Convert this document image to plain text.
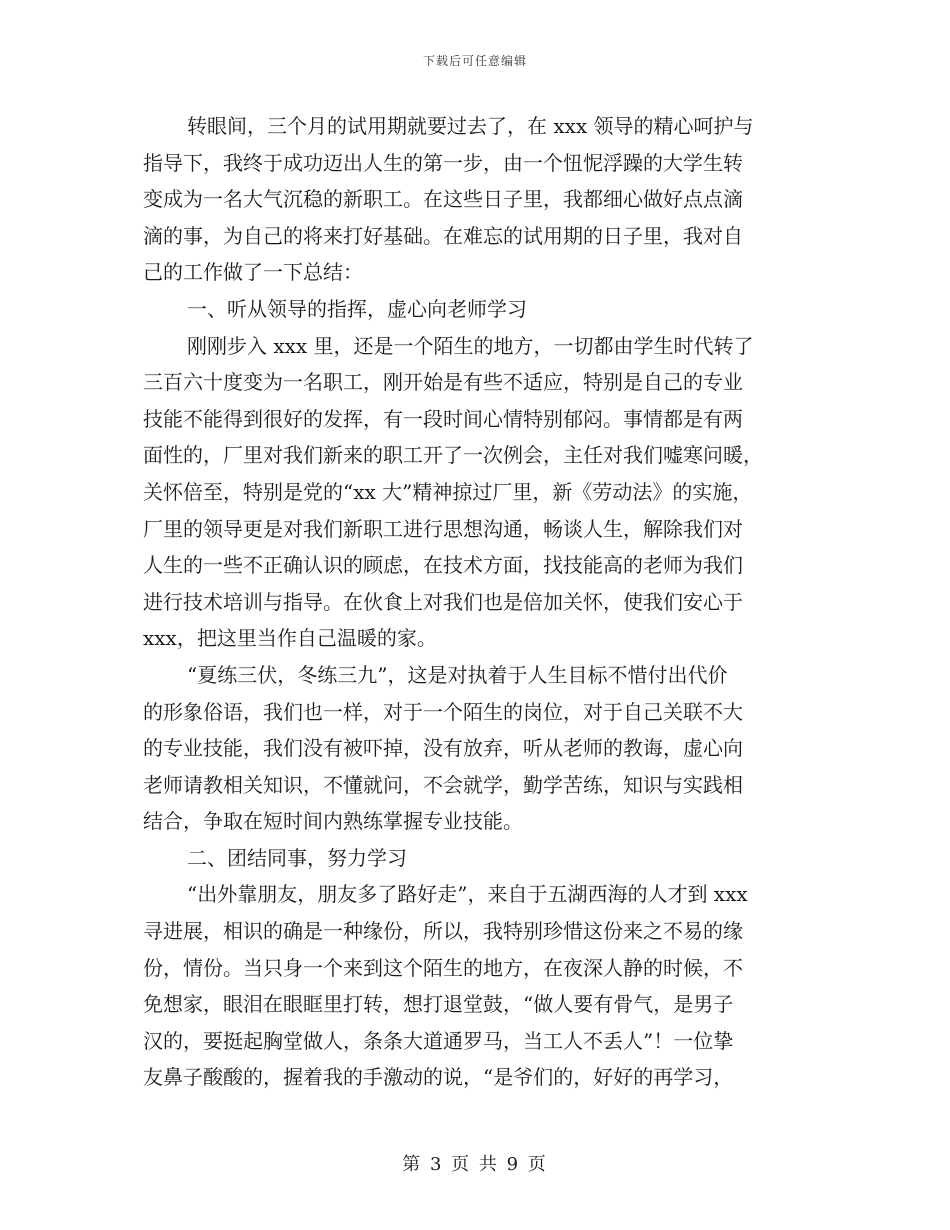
下载后可任意编辑
转眼间，三个月的试用期就要过去了，在 xxx 领导的精心呵护与
指导下，我终于成功迈出人生的第一步，由一个忸怩浮躁的大学生转
变成为一名大气沉稳的新职工。在这些日子里，我都细心做好点点滴
滴的事，为自己的将来打好基础。在难忘的试用期的日子里，我对自
己的工作做了一下总结：
一、听从领导的指挥，虚心向老师学习
刚刚步入 xxx 里，还是一个陌生的地方，一切都由学生时代转了
三百六十度变为一名职工，刚开始是有些不适应，特别是自己的专业
技能不能得到很好的发挥，有一段时间心情特别郁闷。事情都是有两
面性的，厂里对我们新来的职工开了一次例会，主任对我们嘘寒问暖，
关怀倍至，特别是党的“xx 大”精神掠过厂里，新《劳动法》的实施，
厂里的领导更是对我们新职工进行思想沟通，畅谈人生，解除我们对
人生的一些不正确认识的顾虑，在技术方面，找技能高的老师为我们
进行技术培训与指导。在伙食上对我们也是倍加关怀，使我们安心于
xxx，把这里当作自己温暖的家。
“夏练三伏，冬练三九”，这是对执着于人生目标不惜付出代价
的形象俗语，我们也一样，对于一个陌生的岗位，对于自己关联不大
的专业技能，我们没有被吓掉，没有放弃，听从老师的教诲，虚心向
老师请教相关知识，不懂就问，不会就学，勤学苦练，知识与实践相
结合，争取在短时间内熟练掌握专业技能。
二、团结同事，努力学习
“出外靠朋友，朋友多了路好走”，来自于五湖西海的人才到 xxx
寻进展，相识的确是一种缘份，所以，我特别珍惜这份来之不易的缘
份，情份。当只身一个来到这个陌生的地方，在夜深人静的时候，不
免想家，眼泪在眼眶里打转，想打退堂鼓，“做人要有骨气，是男子
汉的，要挺起胸堂做人，条条大道通罗马，当工人不丢人”！一位挚
友鼻子酸酸的，握着我的手激动的说，“是爷们的，好好的再学习，
第 3 页 共 9 页
